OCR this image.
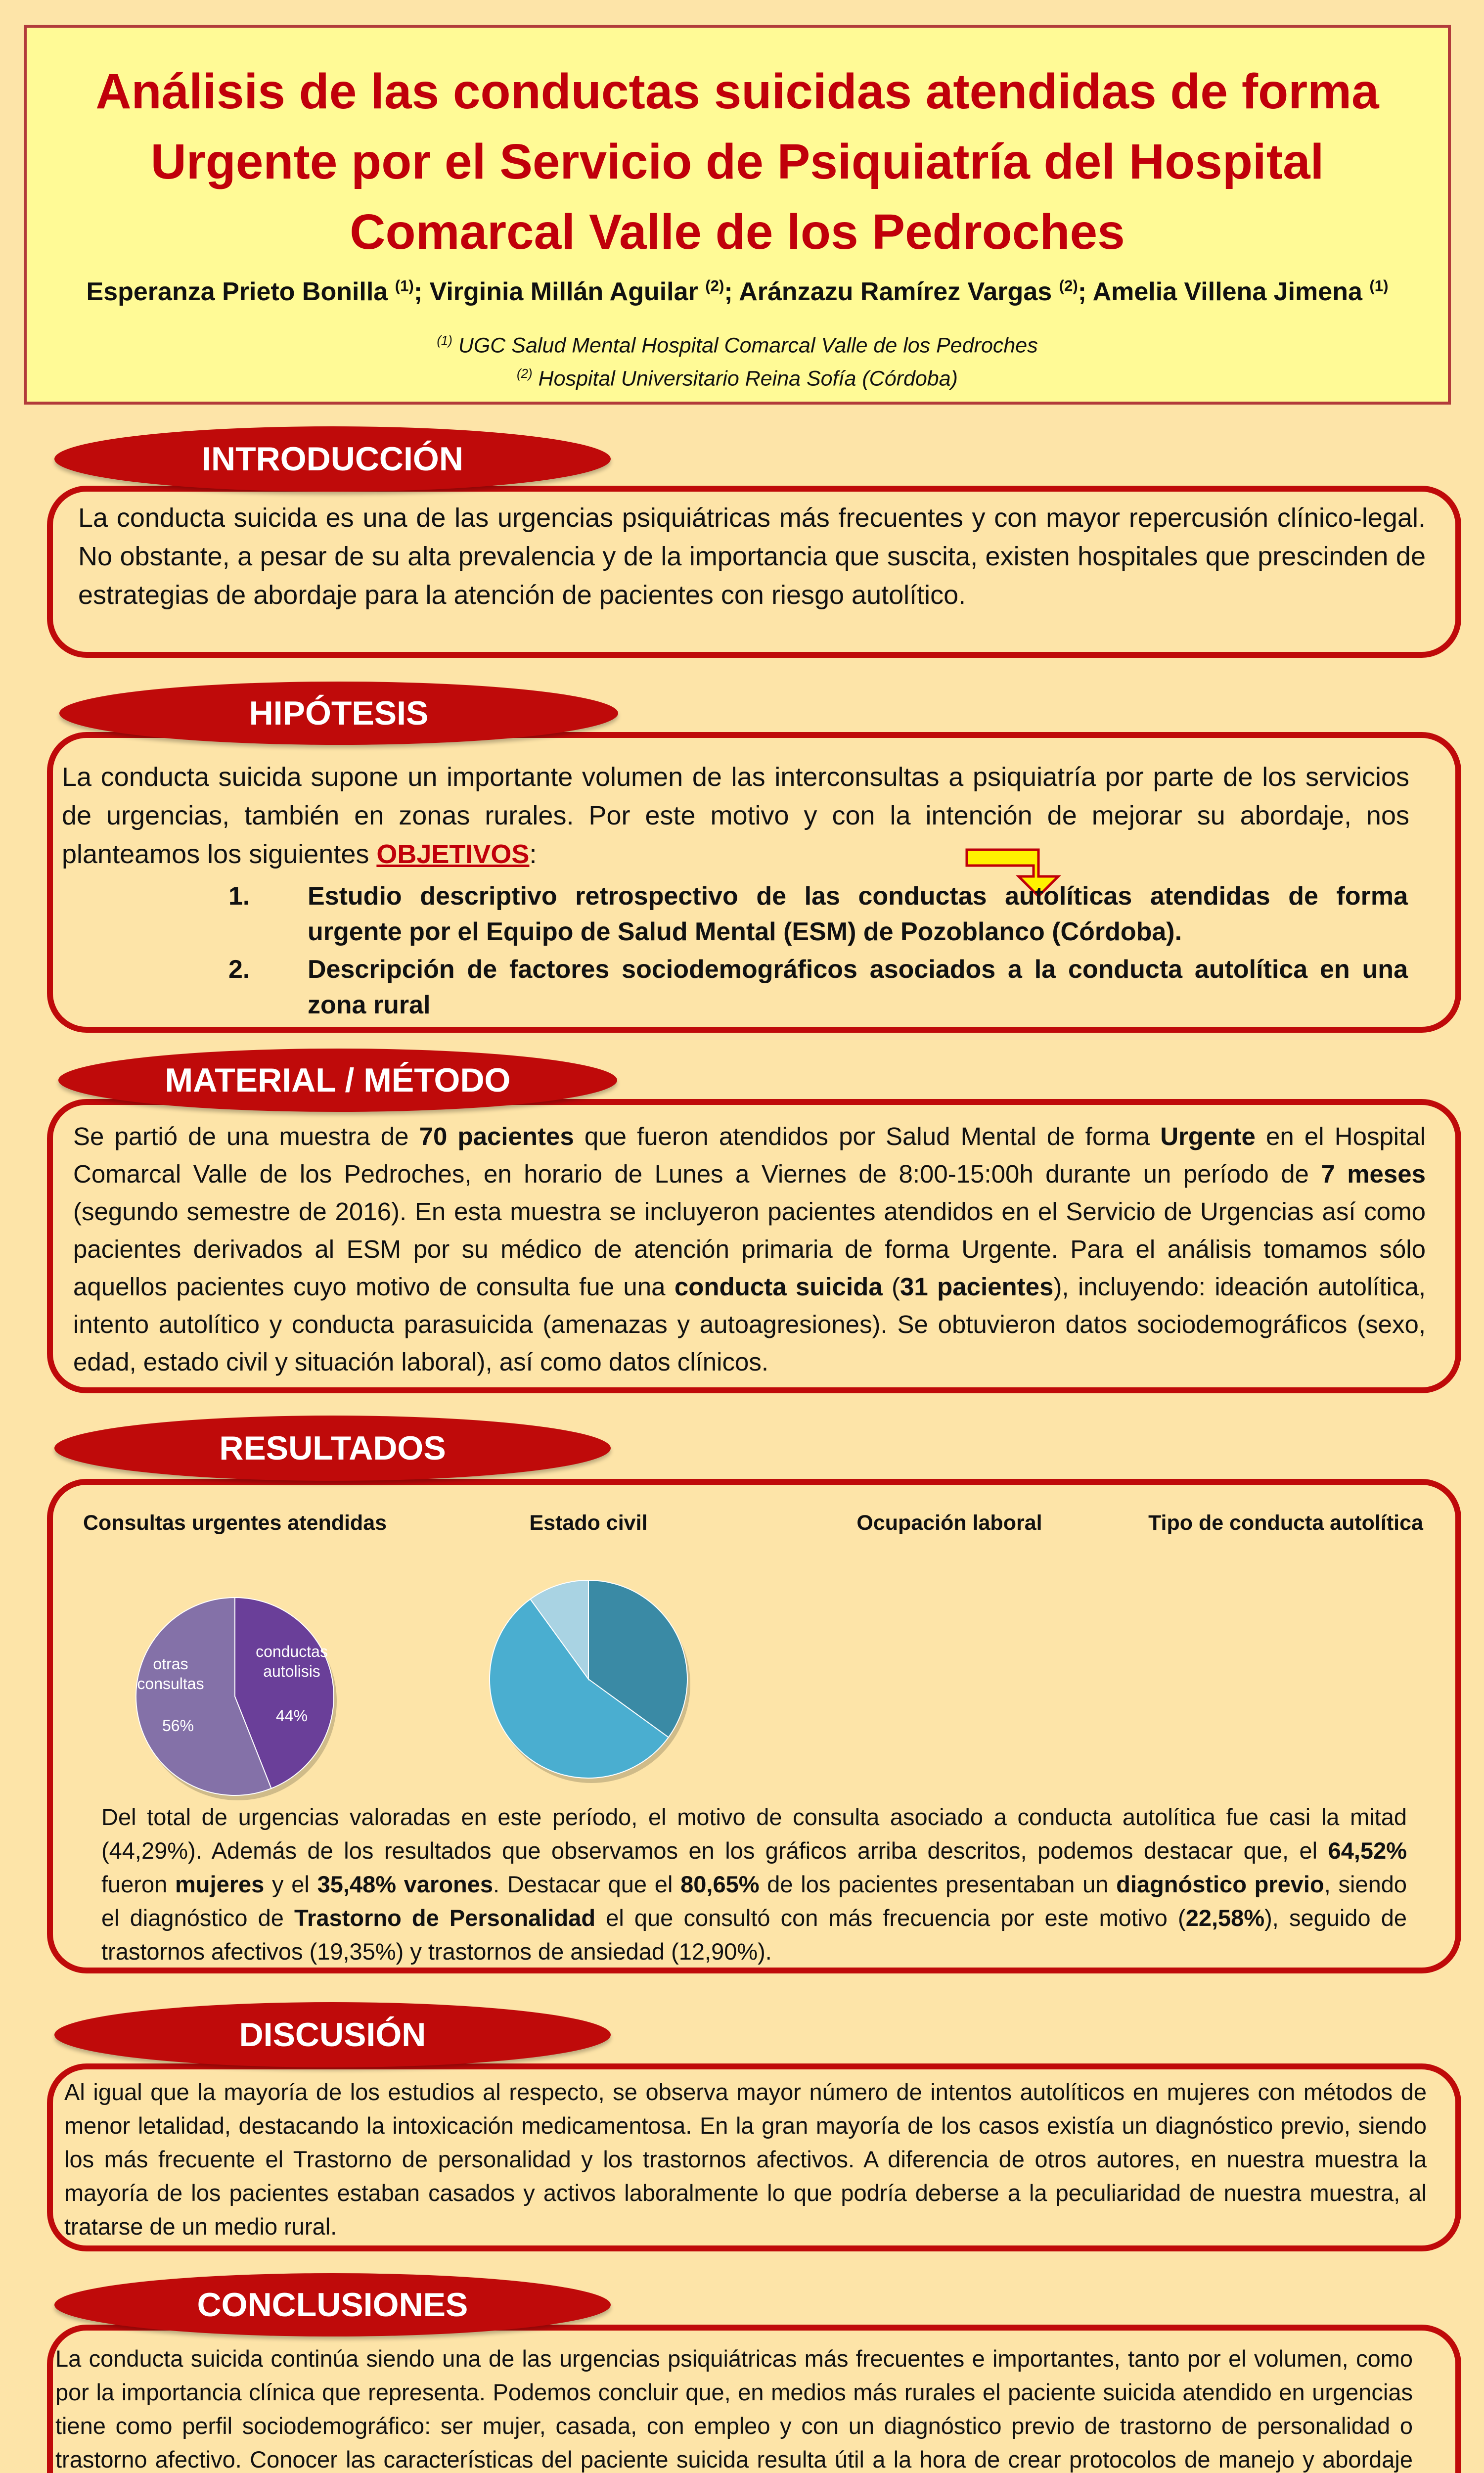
Análisis de las conductas suicidas atendidas de forma Urgente por el Servicio de Psiquiatría del Hospital Comarcal Valle de los Pedroches
Esperanza Prieto Bonilla $^{(1)}$; Virginia Millán Aguilar $^{(2)}$; Aránzazu Ramírez Vargas $^{(2)}$; Amelia Villena Jimena $^{(1)}$
$^{(1)}$ UGC Salud Mental Hospital Comarcal Valle de los Pedroches
$^{(2)}$ Hospital Universitario Reina Sofía (Córdoba)
INTRODUCCIÓN
La conducta suicida es una de las urgencias psiquiátricas más frecuentes y con mayor repercusión clínico-legal. No obstante, a pesar de su alta prevalencia y de la importancia que suscita, existen hospitales que prescinden de estrategias de abordaje para la atención de pacientes con riesgo autolítico.
HIPÓTESIS
La conducta suicida supone un importante volumen de las interconsultas a psiquiatría por parte de los servicios de urgencias, también en zonas rurales. Por este motivo y con la intención de mejorar su abordaje, nos planteamos los siguientes OBJETIVOS:
1.	Estudio descriptivo retrospectivo de las conductas autolíticas atendidas de forma urgente por el Equipo de Salud Mental (ESM) de Pozoblanco (Córdoba).
2.	Descripción de factores sociodemográficos asociados a la conducta autolítica en una zona rural
MATERIAL / MÉTODO
Se partió de una muestra de 70 pacientes que fueron atendidos por Salud Mental de forma Urgente en el Hospital Comarcal Valle de los Pedroches, en horario de Lunes a Viernes de 8:00-15:00h durante un período de 7 meses (segundo semestre de 2016). En esta muestra se incluyeron pacientes atendidos en el Servicio de Urgencias así como pacientes derivados al ESM por su médico de atención primaria de forma Urgente. Para el análisis tomamos sólo aquellos pacientes cuyo motivo de consulta fue una conducta suicida (31 pacientes), incluyendo: ideación autolítica, intento autolítico y conducta parasuicida (amenazas y autoagresiones). Se obtuvieron datos sociodemográficos (sexo, edad, estado civil y situación laboral), así como datos clínicos.
RESULTADOS
Consultas urgentes atendidas	Estado civil	Ocupación laboral	Tipo de conducta autolítica
conductas
autolisis
44%
otras
consultas
56%
Del total de urgencias valoradas en este período, el motivo de consulta asociado a conducta autolítica fue casi la mitad (44,29%). Además de los resultados que observamos en los gráficos arriba descritos, podemos destacar que, el 64,52% fueron mujeres y el 35,48% varones. Destacar que el 80,65% de los pacientes presentaban un diagnóstico previo, siendo el diagnóstico de Trastorno de Personalidad el que consultó con más frecuencia por este motivo (22,58%), seguido de trastornos afectivos (19,35%) y trastornos de ansiedad (12,90%).
DISCUSIÓN
Al igual que la mayoría de los estudios al respecto, se observa mayor número de intentos autolíticos en mujeres con métodos de menor letalidad, destacando la intoxicación medicamentosa. En la gran mayoría de los casos existía un diagnóstico previo, siendo los más frecuente el Trastorno de personalidad y los trastornos afectivos. A diferencia de otros autores, en nuestra muestra la mayoría de los pacientes estaban casados y activos laboralmente lo que podría deberse a la peculiaridad de nuestra muestra, al tratarse de un medio rural.
CONCLUSIONES
La conducta suicida continúa siendo una de las urgencias psiquiátricas más frecuentes e importantes, tanto por el volumen, como por la importancia clínica que representa. Podemos concluir que, en medios más rurales el paciente suicida atendido en urgencias tiene como perfil sociodemográfico: ser mujer, casada, con empleo y con un diagnóstico previo de trastorno de personalidad o trastorno afectivo. Conocer las características del paciente suicida resulta útil a la hora de crear protocolos de manejo y abordaje
